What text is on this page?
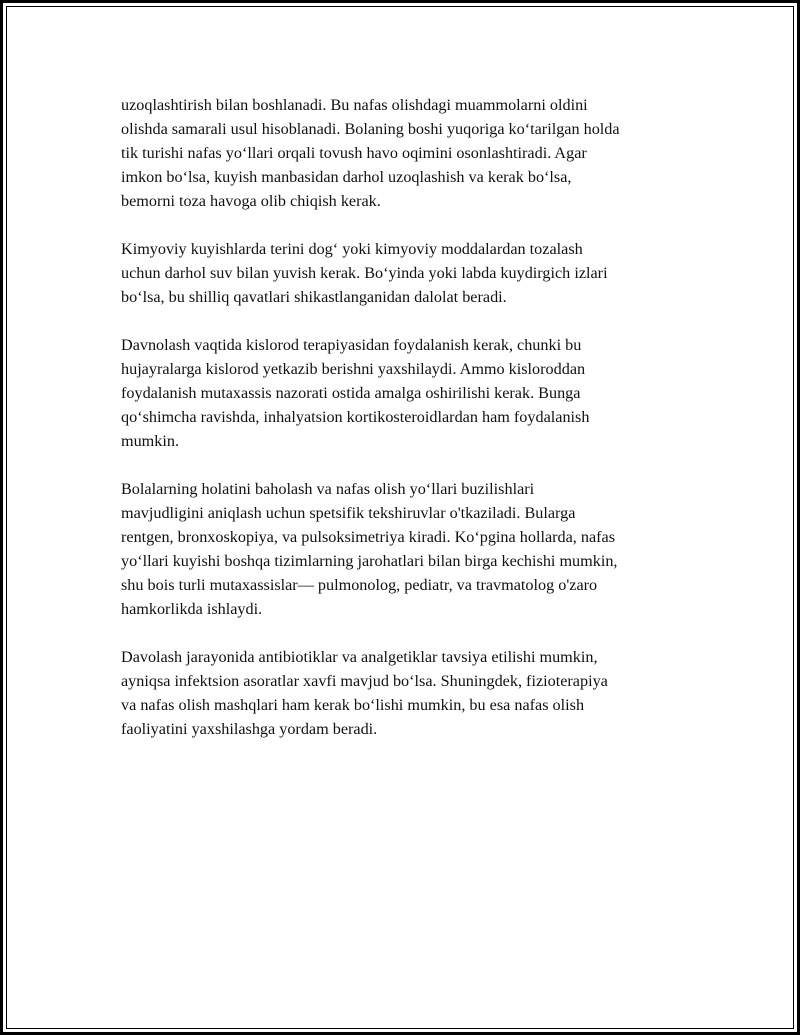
uzoqlashtirish bilan boshlanadi. Bu nafas olishdagi muammolarni oldini
olishda samarali usul hisoblanadi. Bolaning boshi yuqoriga ko‘tarilgan holda
tik turishi nafas yo‘llari orqali tovush havo oqimini osonlashtiradi. Agar
imkon bo‘lsa, kuyish manbasidan darhol uzoqlashish va kerak bo‘lsa,
bemorni toza havoga olib chiqish kerak.

Kimyoviy kuyishlarda terini dog‘ yoki kimyoviy moddalardan tozalash
uchun darhol suv bilan yuvish kerak. Bo‘yinda yoki labda kuydirgich izlari
bo‘lsa, bu shilliq qavatlari shikastlanganidan dalolat beradi.

Davnolash vaqtida kislorod terapiyasidan foydalanish kerak, chunki bu
hujayralarga kislorod yetkazib berishni yaxshilaydi. Ammo kisloroddan
foydalanish mutaxassis nazorati ostida amalga oshirilishi kerak. Bunga
qo‘shimcha ravishda, inhalyatsion kortikosteroidlardan ham foydalanish
mumkin.

Bolalarning holatini baholash va nafas olish yo‘llari buzilishlari
mavjudligini aniqlash uchun spetsifik tekshiruvlar o'tkaziladi. Bularga
rentgen, bronxoskopiya, va pulsoksimetriya kiradi. Ko‘pgina hollarda, nafas
yo‘llari kuyishi boshqa tizimlarning jarohatlari bilan birga kechishi mumkin,
shu bois turli mutaxassislar— pulmonolog, pediatr, va travmatolog o'zaro
hamkorlikda ishlaydi.

Davolash jarayonida antibiotiklar va analgetiklar tavsiya etilishi mumkin,
ayniqsa infektsion asoratlar xavfi mavjud bo‘lsa. Shuningdek, fizioterapiya
va nafas olish mashqlari ham kerak bo‘lishi mumkin, bu esa nafas olish
faoliyatini yaxshilashga yordam beradi.
